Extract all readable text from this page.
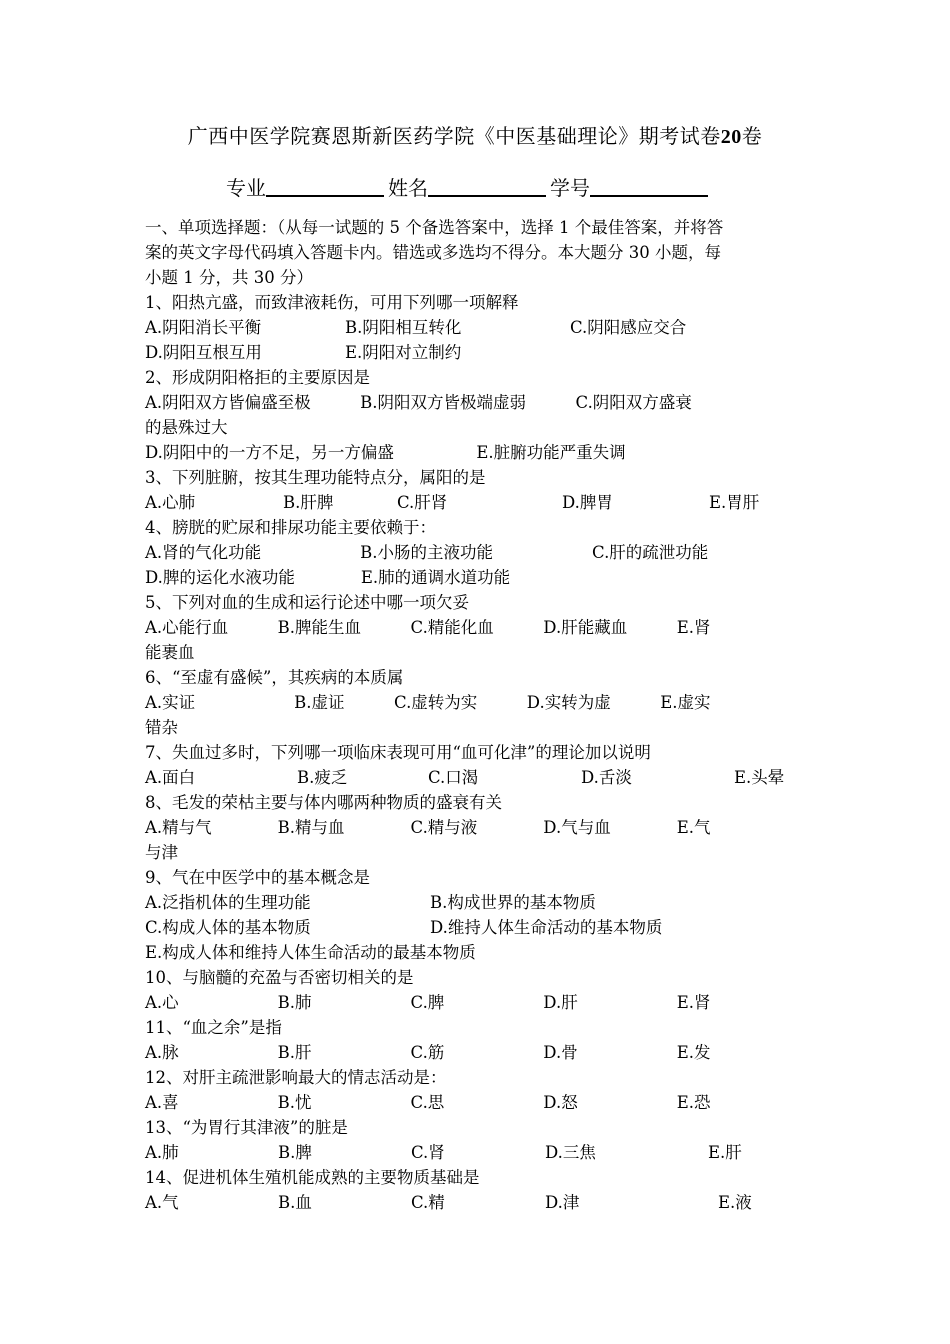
广西中医学院赛恩斯新医药学院《中医基础理论》期考试卷20卷
专业	姓名	学号
一、单项选择题：（从每一试题的 5 个备选答案中，选择 1 个最佳答案，并将答
案的英文字母代码填入答题卡内。错选或多选均不得分。本大题分 30 小题，每
小题 1 分，共 30 分）
1、阳热亢盛，而致津液耗伤，可用下列哪一项解释
A.阴阳消长平衡	B.阴阳相互转化	C.阴阳感应交合
D.阴阳互根互用	E.阴阳对立制约
2、形成阴阳格拒的主要原因是
A.阴阳双方皆偏盛至极　　　B.阴阳双方皆极端虚弱　　　C.阴阳双方盛衰
的悬殊过大
D.阴阳中的一方不足，另一方偏盛　　　　　E.脏腑功能严重失调
3、下列脏腑，按其生理功能特点分，属阳的是
A.心肺	B.肝脾	C.肝肾	D.脾胃	E.胃肝
4、膀胱的贮尿和排尿功能主要依赖于：
A.肾的气化功能　　　　　　B.小肠的主液功能　　　　　　C.肝的疏泄功能
D.脾的运化水液功能　　　　E.肺的通调水道功能
5、下列对血的生成和运行论述中哪一项欠妥
A.心能行血　　　B.脾能生血　　　C.精能化血　　　D.肝能藏血　　　E.肾
能裹血
6、“至虚有盛候”，其疾病的本质属
A.实证　　　　　　B.虚证　　　C.虚转为实　　　D.实转为虚　　　E.虚实
错杂
7、失血过多时，下列哪一项临床表现可用“血可化津”的理论加以说明
A.面白　　　	B.疲乏　　　 C.口渴　　　	D.舌淡　　　	E.头晕
8、毛发的荣枯主要与体内哪两种物质的盛衰有关
A.精与气　　　　B.精与血　　　　C.精与液　　　　D.气与血　　　　E.气
与津
9、气在中医学中的基本概念是
A.泛指机体的生理功能　　　	B.构成世界的基本物质
C.构成人体的基本物质　　　	D.维持人体生命活动的基本物质
E.构成人体和维持人体生命活动的最基本物质
10、与脑髓的充盈与否密切相关的是
A.心　　　　　　B.肺　　　　　　C.脾　　　　　　D.肝　　　　　　E.肾
11、“血之余”是指
A.脉　　　　　　B.肝　　　　　　C.筋　　　　　　D.骨　　　　　　E.发
12、对肝主疏泄影响最大的情志活动是：
A.喜　　　　　　B.忧　　　　　　C.思　　　　　　D.怒　　　　　　E.恐
13、“为胃行其津液”的脏是
A.肺　	B.脾　	C.肾　	D.三焦　　	E.肝
14、促进机体生殖机能成熟的主要物质基础是
A.气　	B.血　	C.精　	D.津　　　	E.液
